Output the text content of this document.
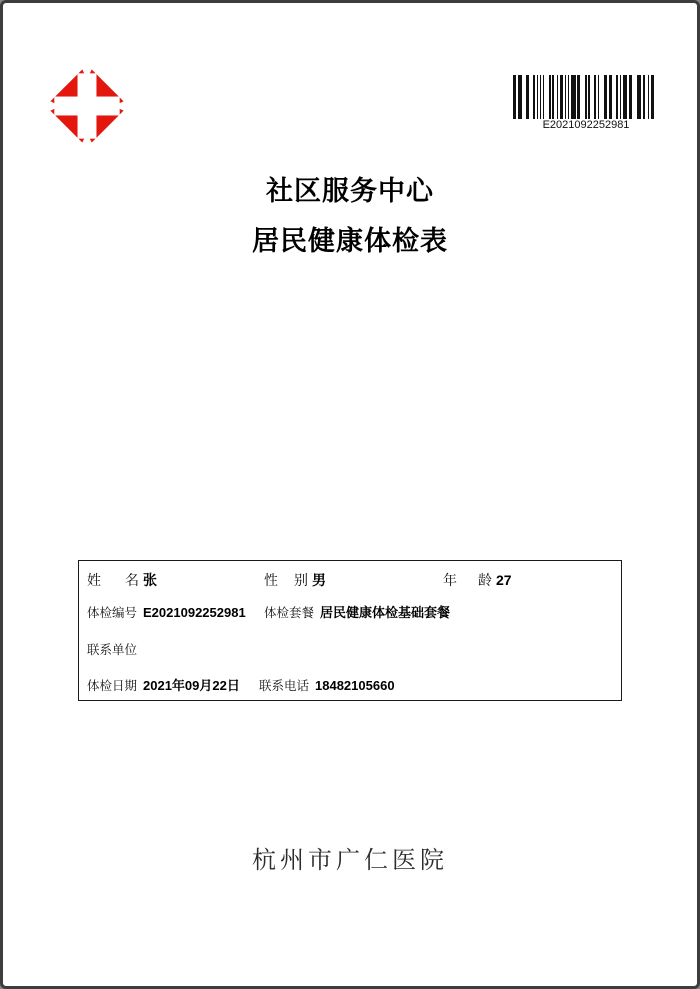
E2021092252981
社区服务中心
居民健康体检表
姓名 张	性别 男	年龄 27
体检编号 E2021092252981 体检套餐 居民健康体检基础套餐
联系单位
体检日期 2021年09月22日 联系电话 18482105660
杭州市广仁医院
